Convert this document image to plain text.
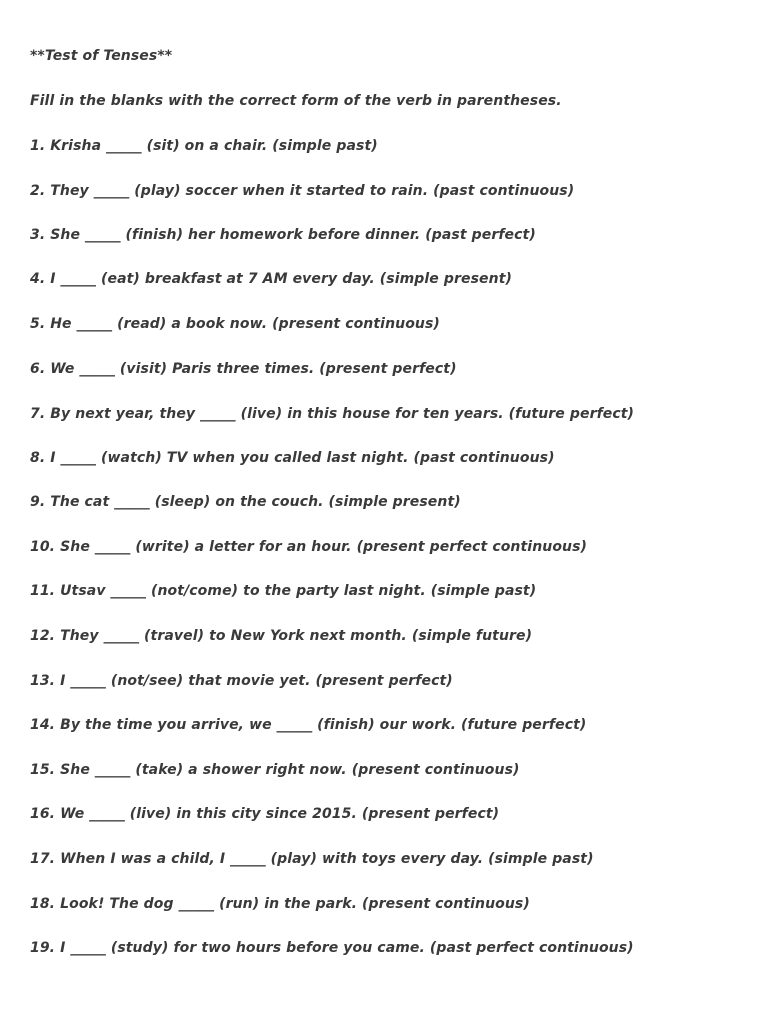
**Test of Tenses**
Fill in the blanks with the correct form of the verb in parentheses.
1. Krisha _____ (sit) on a chair. (simple past)
2. They _____ (play) soccer when it started to rain. (past continuous)
3. She _____ (finish) her homework before dinner. (past perfect)
4. I _____ (eat) breakfast at 7 AM every day. (simple present)
5. He _____ (read) a book now. (present continuous)
6. We _____ (visit) Paris three times. (present perfect)
7. By next year, they _____ (live) in this house for ten years. (future perfect)
8. I _____ (watch) TV when you called last night. (past continuous)
9. The cat _____ (sleep) on the couch. (simple present)
10. She _____ (write) a letter for an hour. (present perfect continuous)
11. Utsav _____ (not/come) to the party last night. (simple past)
12. They _____ (travel) to New York next month. (simple future)
13. I _____ (not/see) that movie yet. (present perfect)
14. By the time you arrive, we _____ (finish) our work. (future perfect)
15. She _____ (take) a shower right now. (present continuous)
16. We _____ (live) in this city since 2015. (present perfect)
17. When I was a child, I _____ (play) with toys every day. (simple past)
18. Look! The dog _____ (run) in the park. (present continuous)
19. I _____ (study) for two hours before you came. (past perfect continuous)
